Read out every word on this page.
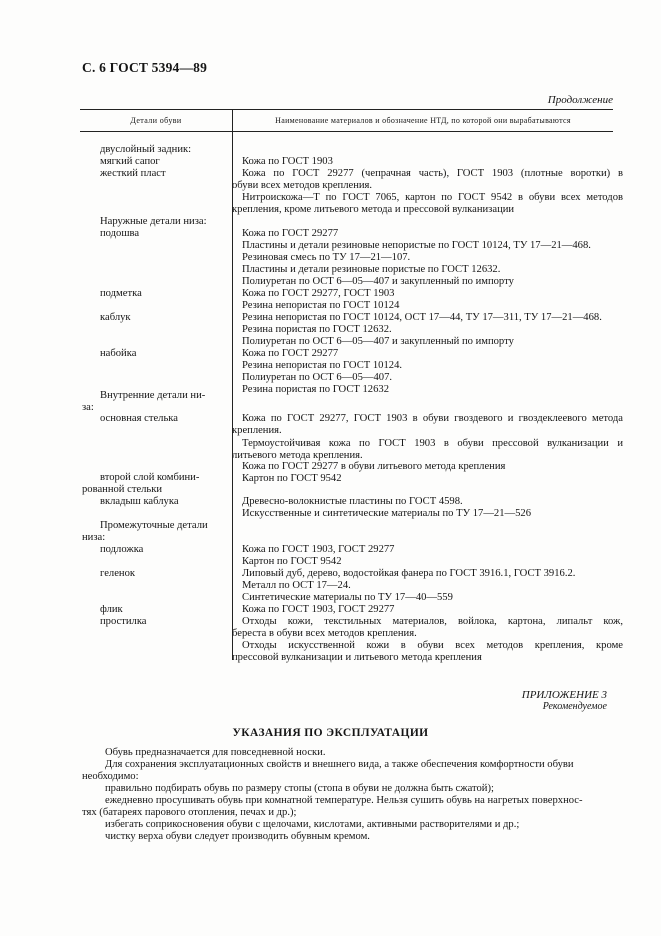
С. 6 ГОСТ 5394—89
Продолжение
Детали обуви	Наименование материалов и обозначение НТД, по которой они вырабатываются
двуслойный задник:
мягкий сапог
жесткий пласт
Наружные детали низа:
подошва
подметка
каблук
набойка
Внутренние детали ни-
за:
основная стелька
второй слой комбини-
рованной стельки
вкладыш каблука
Промежуточные детали
низа:
подложка
геленок
флик
простилка
Кожа по ГОСТ 1903
Кожа по ГОСТ 29277 (чепрачная часть), ГОСТ 1903 (плотные воротки) в
обуви всех методов крепления.
Нитроискожа—Т по ГОСТ 7065, картон по ГОСТ 9542 в обуви всех методов
крепления, кроме литьевого метода и прессовой вулканизации
Кожа по ГОСТ 29277
Пластины и детали резиновые непористые по ГОСТ 10124, ТУ 17—21—468.
Резиновая смесь по ТУ 17—21—107.
Пластины и детали резиновые пористые по ГОСТ 12632.
Полиуретан по ОСТ 6—05—407 и закупленный по импорту
Кожа по ГОСТ 29277, ГОСТ 1903
Резина непористая по ГОСТ 10124
Резина непористая по ГОСТ 10124, ОСТ 17—44, ТУ 17—311, ТУ 17—21—468.
Резина пористая по ГОСТ 12632.
Полиуретан по ОСТ 6—05—407 и закупленный по импорту
Кожа по ГОСТ 29277
Резина непористая по ГОСТ 10124.
Полиуретан по ОСТ 6—05—407.
Резина пористая по ГОСТ 12632
Кожа по ГОСТ 29277, ГОСТ 1903 в обуви гвоздевого и гвоздеклеевого метода
крепления.
Термоустойчивая кожа по ГОСТ 1903 в обуви прессовой вулканизации и
литьевого метода крепления.
Кожа по ГОСТ 29277 в обуви литьевого метода крепления
Картон по ГОСТ 9542
Древесно-волокнистые пластины по ГОСТ 4598.
Искусственные и синтетические материалы по ТУ 17—21—526
Кожа по ГОСТ 1903, ГОСТ 29277
Картон по ГОСТ 9542
Липовый дуб, дерево, водостойкая фанера по ГОСТ 3916.1, ГОСТ 3916.2.
Металл по ОСТ 17—24.
Синтетические материалы по ТУ 17—40—559
Кожа по ГОСТ 1903, ГОСТ 29277
Отходы кожи, текстильных материалов, войлока, картона, липальт кож,
береста в обуви всех методов крепления.
Отходы искусственной кожи в обуви всех методов крепления, кроме
прессовой вулканизации и литьевого метода крепления
ПРИЛОЖЕНИЕ 3
Рекомендуемое
УКАЗАНИЯ ПО ЭКСПЛУАТАЦИИ
Обувь предназначается для повседневной носки.
Для сохранения эксплуатационных свойств и внешнего вида, а также обеспечения комфортности обуви
необходимо:
правильно подбирать обувь по размеру стопы (стопа в обуви не должна быть сжатой);
ежедневно просушивать обувь при комнатной температуре. Нельзя сушить обувь на нагретых поверхнос-
тях (батареях парового отопления, печах и др.);
избегать соприкосновения обуви с щелочами, кислотами, активными растворителями и др.;
чистку верха обуви следует производить обувным кремом.
